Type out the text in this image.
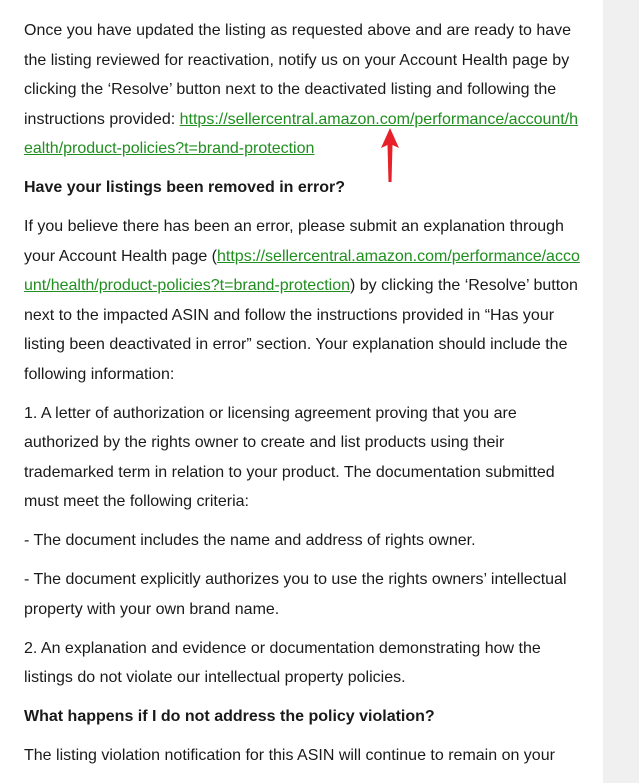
Once you have updated the listing as requested above and are ready to have the listing reviewed for reactivation, notify us on your Account Health page by clicking the ‘Resolve’ button next to the deactivated listing and following the instructions provided: https://sellercentral.amazon.com/performance/account/health/product-policies?t=brand-protection

Have your listings been removed in error?

If you believe there has been an error, please submit an explanation through your Account Health page (https://sellercentral.amazon.com/performance/account/health/product-policies?t=brand-protection) by clicking the ‘Resolve’ button next to the impacted ASIN and follow the instructions provided in “Has your listing been deactivated in error” section. Your explanation should include the following information:

1. A letter of authorization or licensing agreement proving that you are authorized by the rights owner to create and list products using their trademarked term in relation to your product. The documentation submitted must meet the following criteria:

- The document includes the name and address of rights owner.

- The document explicitly authorizes you to use the rights owners’ intellectual property with your own brand name.

2. An explanation and evidence or documentation demonstrating how the listings do not violate our intellectual property policies.

What happens if I do not address the policy violation?

The listing violation notification for this ASIN will continue to remain on your
